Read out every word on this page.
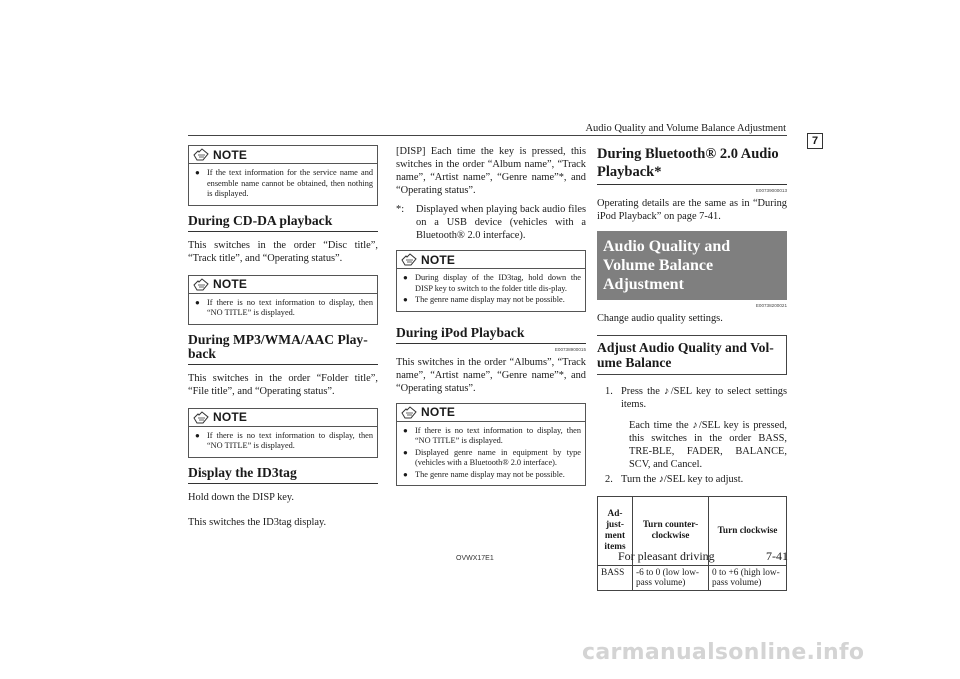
Audio Quality and Volume Balance Adjustment
7
NOTE
● If the text information for the service name and ensemble name cannot be obtained, then nothing is displayed.
During CD-DA playback

This switches in the order “Disc title”, “Track title”, and “Operating status”.

NOTE
● If there is no text information to display, then “NO TITLE” is displayed.
During MP3/WMA/AAC Play-back

This switches in the order “Folder title”, “File title”, and “Operating status”.

NOTE
● If there is no text information to display, then “NO TITLE” is displayed.
Display the ID3tag

Hold down the DISP key.

This switches the ID3tag display.

[DISP] Each time the key is pressed, this switches in the order “Album name”, “Track name”, “Artist name”, “Genre name”*, and “Operating status”.

*:	Displayed when playing back audio files on a USB device (vehicles with a Bluetooth® 2.0 interface).
NOTE
● During display of the ID3tag, hold down the DISP key to switch to the folder title dis-play.
● The genre name display may not be possible.
During iPod Playback
E00738900015

This switches in the order “Albums”, “Track name”, “Artist name”, “Genre name”*, and “Operating status”.

NOTE
● If there is no text information to display, then “NO TITLE” is displayed.
● Displayed genre name in equipment by type (vehicles with a Bluetooth® 2.0 interface).
● The genre name display may not be possible.
During Bluetooth® 2.0 Audio Playback*
E00739000013

Operating details are the same as in “During iPod Playback” on page 7-41.

Audio Quality and Volume Balance Adjustment
E00738200021

Change audio quality settings.

Adjust Audio Quality and Vol-ume Balance
1. Press the ♪/SEL key to select settings items.
Each time the ♪/SEL key is pressed, this switches in the order BASS, TRE-BLE, FADER, BALANCE, SCV, and Cancel.
2. Turn the ♪/SEL key to adjust.
Ad-just-ment items	Turn counter-clockwise	Turn clockwise
BASS	-6 to 0 (low low-pass volume)	0 to +6 (high low-pass volume)
OVWX17E1	For pleasant driving	7-41
carmanualsonline.info
